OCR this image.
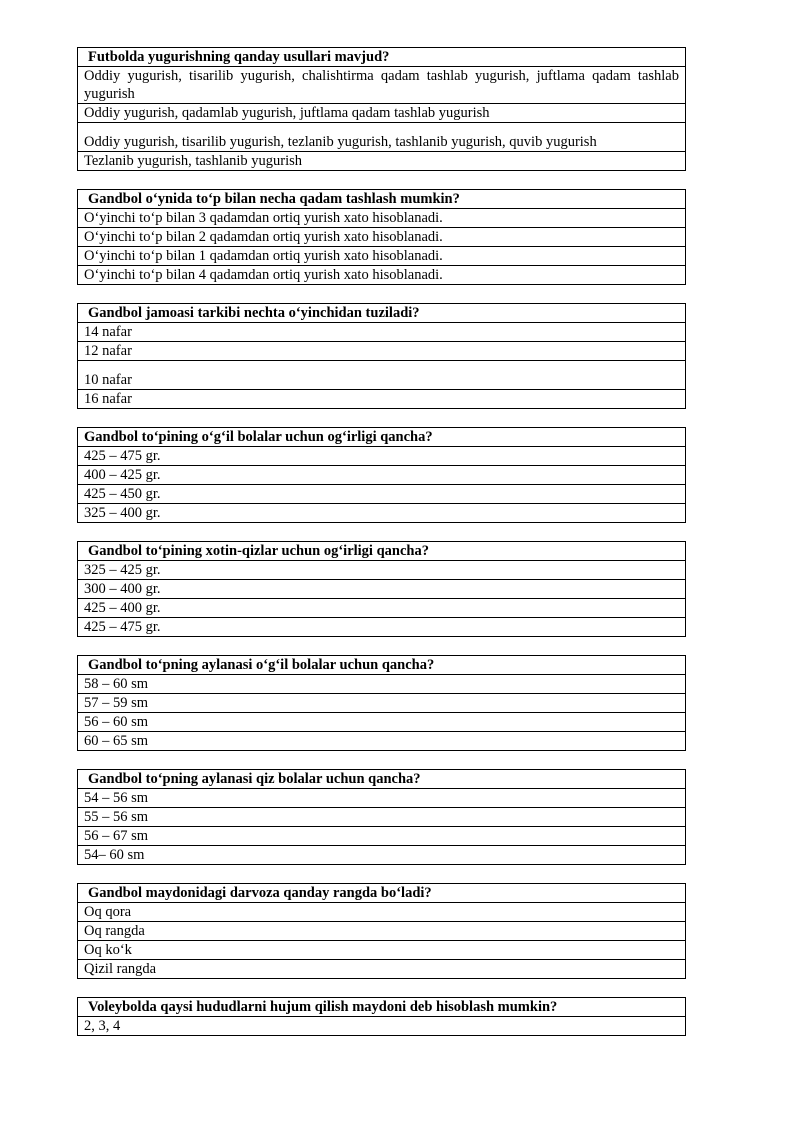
Futbolda yugurishning qanday usullari mavjud?
Oddiy yugurish, tisarilib yugurish, chalishtirma qadam tashlab yugurish, juftlama qadam tashlab yugurish
Oddiy yugurish, qadamlab yugurish, juftlama qadam tashlab yugurish
Oddiy yugurish, tisarilib yugurish, tezlanib yugurish, tashlanib yugurish, quvib yugurish
Tezlanib yugurish, tashlanib yugurish
Gandbol o‘ynida to‘p bilan necha qadam tashlash mumkin?
O‘yinchi to‘p bilan 3 qadamdan ortiq yurish xato hisoblanadi.
O‘yinchi to‘p bilan 2 qadamdan ortiq yurish xato hisoblanadi.
O‘yinchi to‘p bilan 1 qadamdan ortiq yurish xato hisoblanadi.
O‘yinchi to‘p bilan 4 qadamdan ortiq yurish xato hisoblanadi.
Gandbol jamoasi tarkibi nechta o‘yinchidan tuziladi?
14 nafar
12 nafar
10 nafar
16 nafar
Gandbol to‘pining o‘g‘il bolalar uchun og‘irligi qancha?
425 – 475 gr.
400 – 425 gr.
425 – 450 gr.
325 – 400 gr.
Gandbol to‘pining xotin-qizlar uchun og‘irligi qancha?
325 – 425 gr.
300 – 400 gr.
425 – 400 gr.
425 – 475 gr.
Gandbol to‘pning aylanasi o‘g‘il bolalar uchun qancha?
58 – 60 sm
57 – 59 sm
56 – 60 sm
60 – 65 sm
Gandbol to‘pning aylanasi qiz bolalar uchun qancha?
54 – 56 sm
55 – 56 sm
56 – 67 sm
54– 60 sm
Gandbol maydonidagi darvoza qanday rangda bo‘ladi?
Oq qora
Oq rangda
Oq ko‘k
Qizil rangda
Voleybolda qaysi hududlarni hujum qilish maydoni deb hisoblash mumkin?
2, 3, 4
